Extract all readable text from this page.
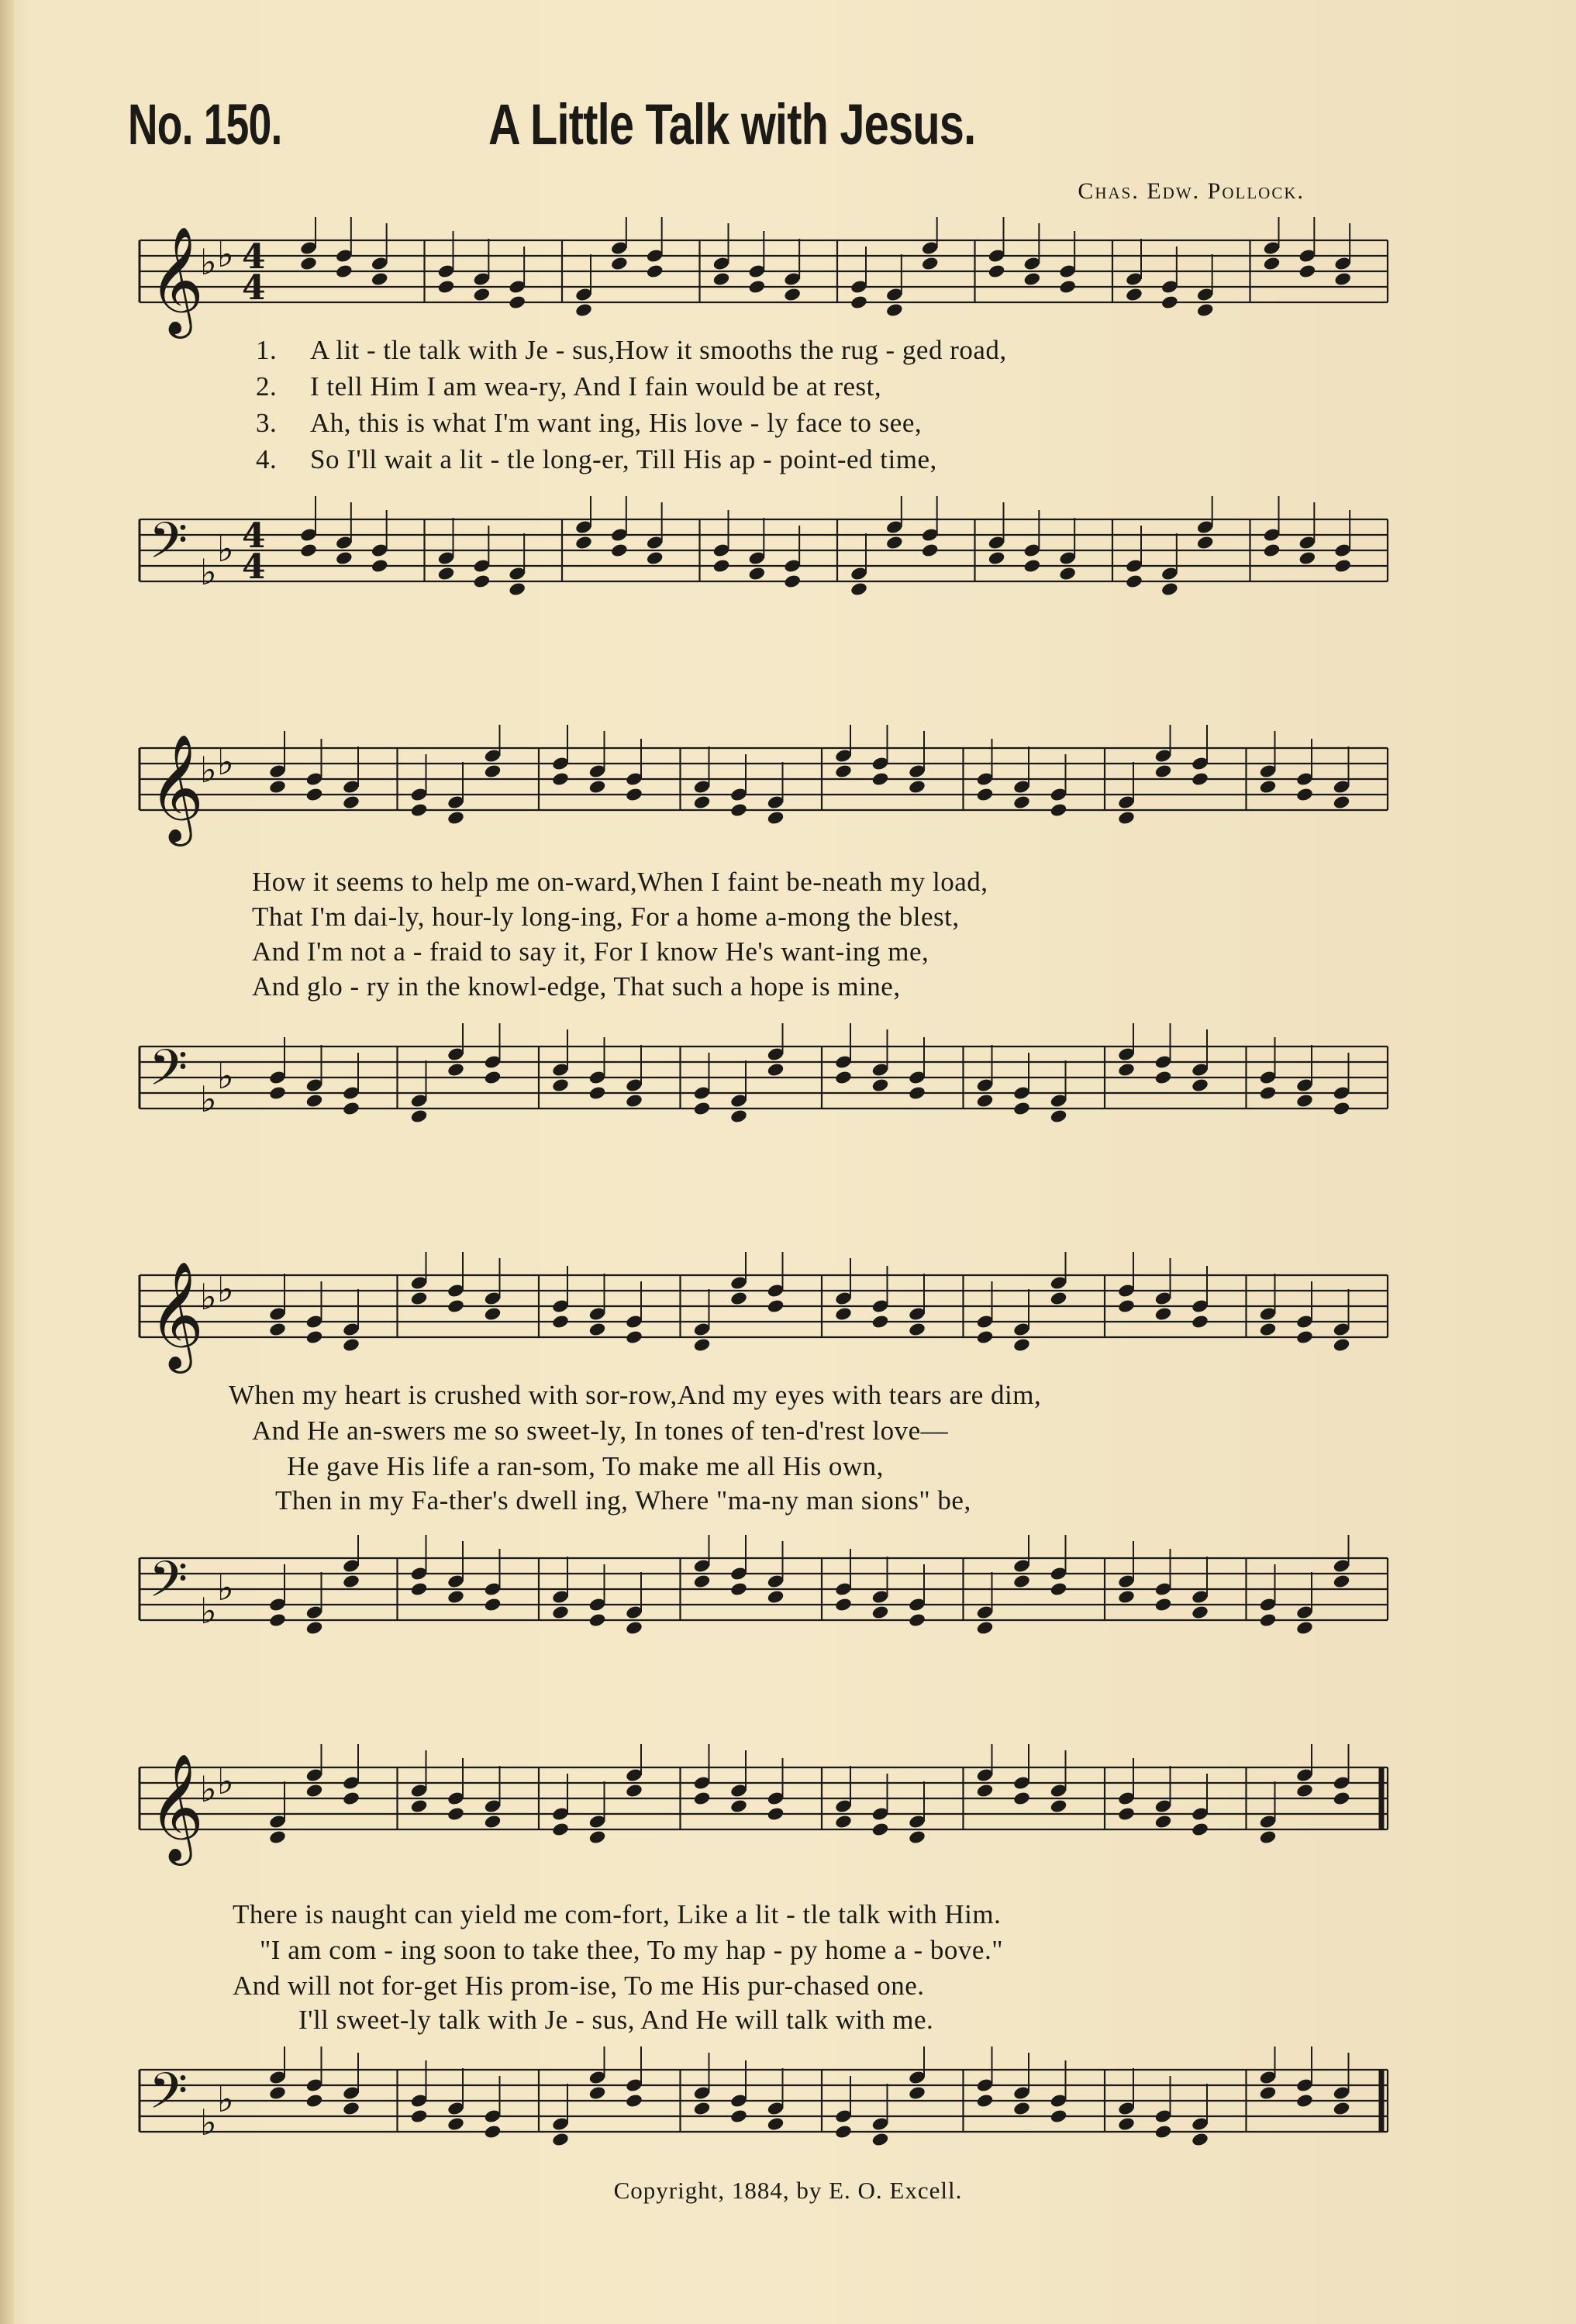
No. 150.	A Little Talk with Jesus.
Chas. Edw. Pollock.
𝄞
♭ ♭ 4
4
1. A lit - tle talk with Je - sus,How it smooths the rug - ged road,
2. I tell Him I am wea-ry, And I fain would be at rest,
3. Ah, this is what I'm want ing, His love - ly face to see,
4. So I'll wait a lit - tle long-er, Till His ap - point-ed time,
𝄢 ♭
♭ 4
4
𝄞
♭ ♭
How it seems to help me on-ward,When I faint be-neath my load,
That I'm dai-ly, hour-ly long-ing, For a home a-mong the blest,
And I'm not a - fraid to say it, For I know He's want-ing me,
And glo - ry in the knowl-edge, That such a hope is mine,
𝄢 ♭
♭
𝄞
♭ ♭
When my heart is crushed with sor-row,And my eyes with tears are dim,
And He an-swers me so sweet-ly, In tones of ten-d'rest love—
He gave His life a ran-som, To make me all His own,
Then in my Fa-ther's dwell ing, Where "ma-ny man sions" be,
𝄢 ♭
♭
𝄞
♭ ♭
There is naught can yield me com-fort, Like a lit - tle talk with Him.
"I am com - ing soon to take thee, To my hap - py home a - bove."
And will not for-get His prom-ise, To me His pur-chased one.
I'll sweet-ly talk with Je - sus, And He will talk with me.
𝄢 ♭
♭
Copyright, 1884, by E. O. Excell.
